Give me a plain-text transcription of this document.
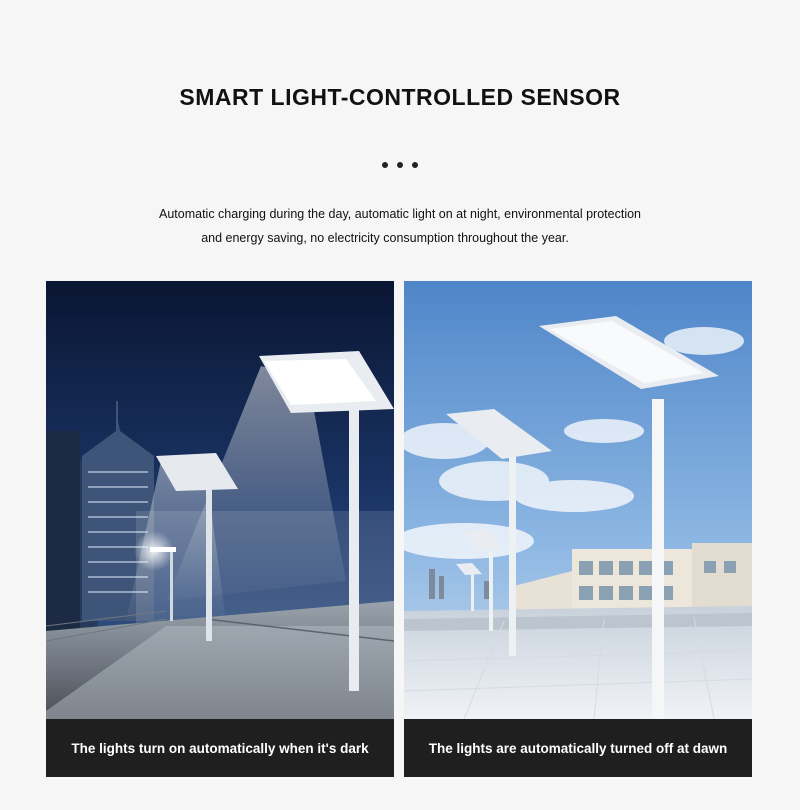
SMART LIGHT-CONTROLLED SENSOR
Automatic charging during the day, automatic light on at night, environmental protection
and energy saving, no electricity consumption throughout the year.
The lights turn on automatically when it's dark	The lights are automatically turned off at dawn
